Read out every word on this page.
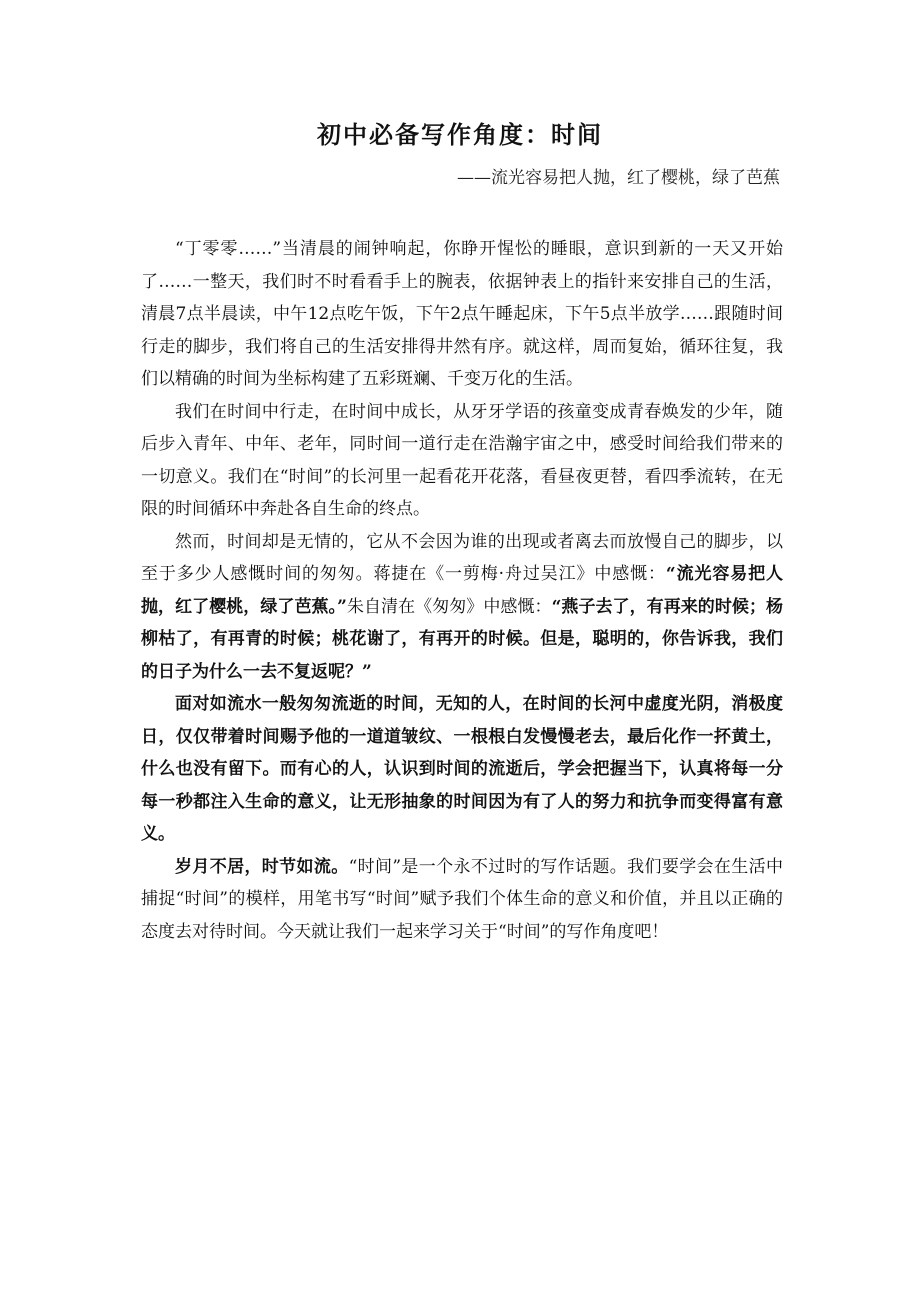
初中必备写作角度：时间
——流光容易把人抛，红了樱桃，绿了芭蕉

“丁零零……”当清晨的闹钟响起，你睁开惺忪的睡眼，意识到新的一天又开始了……一整天，我们时不时看看手上的腕表，依据钟表上的指针来安排自己的生活，清晨7点半晨读，中午12点吃午饭，下午2点午睡起床，下午5点半放学……跟随时间行走的脚步，我们将自己的生活安排得井然有序。就这样，周而复始，循环往复，我们以精确的时间为坐标构建了五彩斑斓、千变万化的生活。

我们在时间中行走，在时间中成长，从牙牙学语的孩童变成青春焕发的少年，随后步入青年、中年、老年，同时间一道行走在浩瀚宇宙之中，感受时间给我们带来的一切意义。我们在“时间”的长河里一起看花开花落，看昼夜更替，看四季流转，在无限的时间循环中奔赴各自生命的终点。

然而，时间却是无情的，它从不会因为谁的出现或者离去而放慢自己的脚步，以至于多少人感慨时间的匆匆。蒋捷在《一剪梅·舟过吴江》中感慨：“流光容易把人抛，红了樱桃，绿了芭蕉。”朱自清在《匆匆》中感慨：“燕子去了，有再来的时候；杨柳枯了，有再青的时候；桃花谢了，有再开的时候。但是，聪明的，你告诉我，我们的日子为什么一去不复返呢？”

面对如流水一般匆匆流逝的时间，无知的人，在时间的长河中虚度光阴，消极度日，仅仅带着时间赐予他的一道道皱纹、一根根白发慢慢老去，最后化作一抔黄土，什么也没有留下。而有心的人，认识到时间的流逝后，学会把握当下，认真将每一分每一秒都注入生命的意义，让无形抽象的时间因为有了人的努力和抗争而变得富有意义。

岁月不居，时节如流。“时间”是一个永不过时的写作话题。我们要学会在生活中捕捉“时间”的模样，用笔书写“时间”赋予我们个体生命的意义和价值，并且以正确的态度去对待时间。今天就让我们一起来学习关于“时间”的写作角度吧！
